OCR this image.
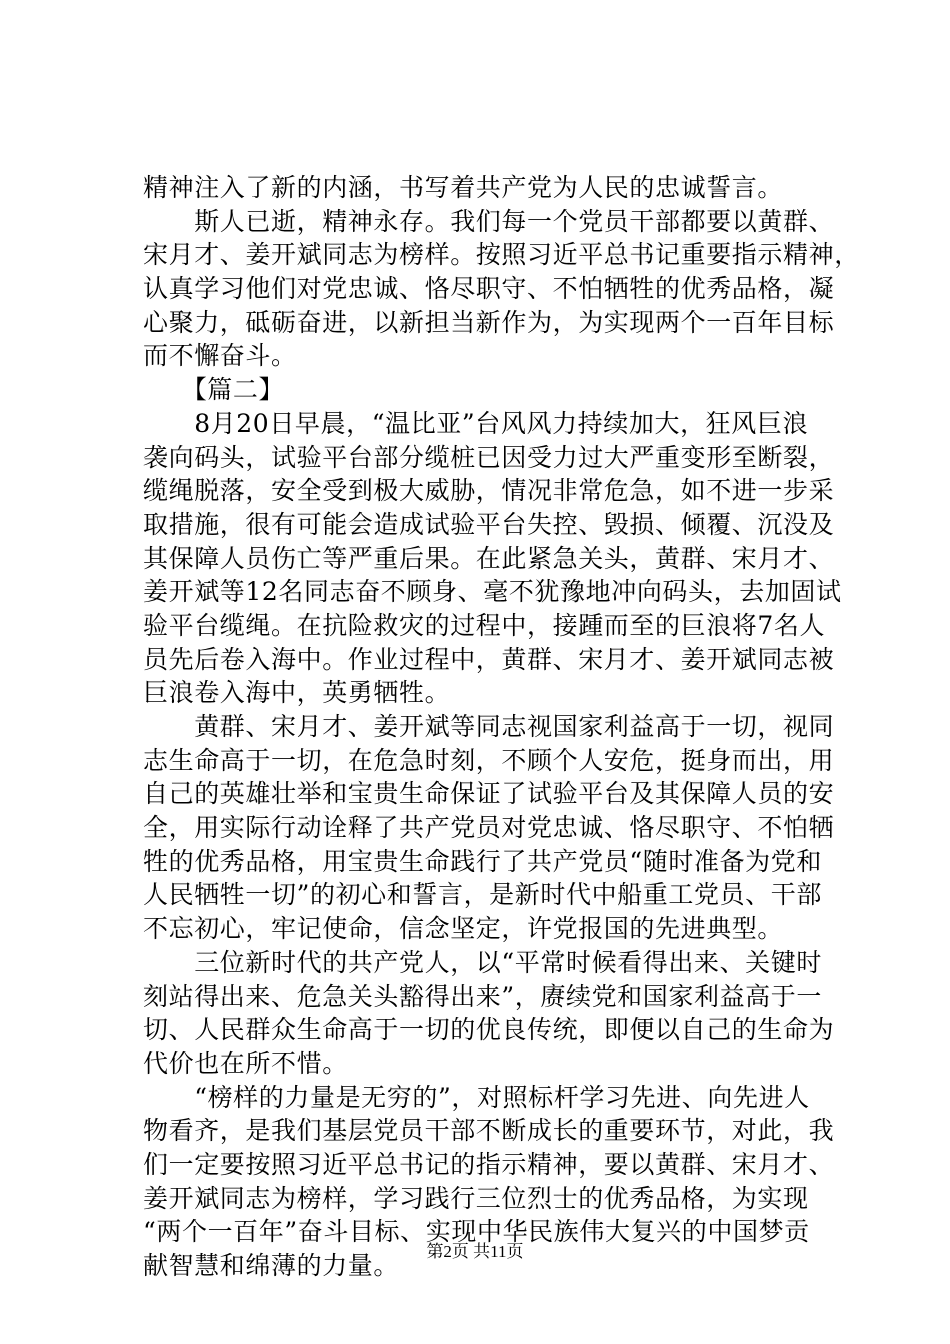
精神注入了新的内涵，书写着共产党为人民的忠诚誓言。
　　斯人已逝，精神永存。我们每一个党员干部都要以黄群、
宋月才、姜开斌同志为榜样。按照习近平总书记重要指示精神，
认真学习他们对党忠诚、恪尽职守、不怕牺牲的优秀品格，凝
心聚力，砥砺奋进，以新担当新作为，为实现两个一百年目标
而不懈奋斗。
　　【篇二】
　　8月20日早晨，“温比亚”台风风力持续加大，狂风巨浪
袭向码头，试验平台部分缆桩已因受力过大严重变形至断裂，
缆绳脱落，安全受到极大威胁，情况非常危急，如不进一步采
取措施，很有可能会造成试验平台失控、毁损、倾覆、沉没及
其保障人员伤亡等严重后果。在此紧急关头，黄群、宋月才、
姜开斌等12名同志奋不顾身、毫不犹豫地冲向码头，去加固试
验平台缆绳。在抗险救灾的过程中，接踵而至的巨浪将7名人
员先后卷入海中。作业过程中，黄群、宋月才、姜开斌同志被
巨浪卷入海中，英勇牺牲。
　　黄群、宋月才、姜开斌等同志视国家利益高于一切，视同
志生命高于一切，在危急时刻，不顾个人安危，挺身而出，用
自己的英雄壮举和宝贵生命保证了试验平台及其保障人员的安
全，用实际行动诠释了共产党员对党忠诚、恪尽职守、不怕牺
牲的优秀品格，用宝贵生命践行了共产党员“随时准备为党和
人民牺牲一切”的初心和誓言，是新时代中船重工党员、干部
不忘初心，牢记使命，信念坚定，许党报国的先进典型。
　　三位新时代的共产党人，以“平常时候看得出来、关键时
刻站得出来、危急关头豁得出来”，赓续党和国家利益高于一
切、人民群众生命高于一切的优良传统，即便以自己的生命为
代价也在所不惜。
　　“榜样的力量是无穷的”，对照标杆学习先进、向先进人
物看齐，是我们基层党员干部不断成长的重要环节，对此，我
们一定要按照习近平总书记的指示精神，要以黄群、宋月才、
姜开斌同志为榜样，学习践行三位烈士的优秀品格，为实现
“两个一百年”奋斗目标、实现中华民族伟大复兴的中国梦贡
献智慧和绵薄的力量。	第2页 共11页
